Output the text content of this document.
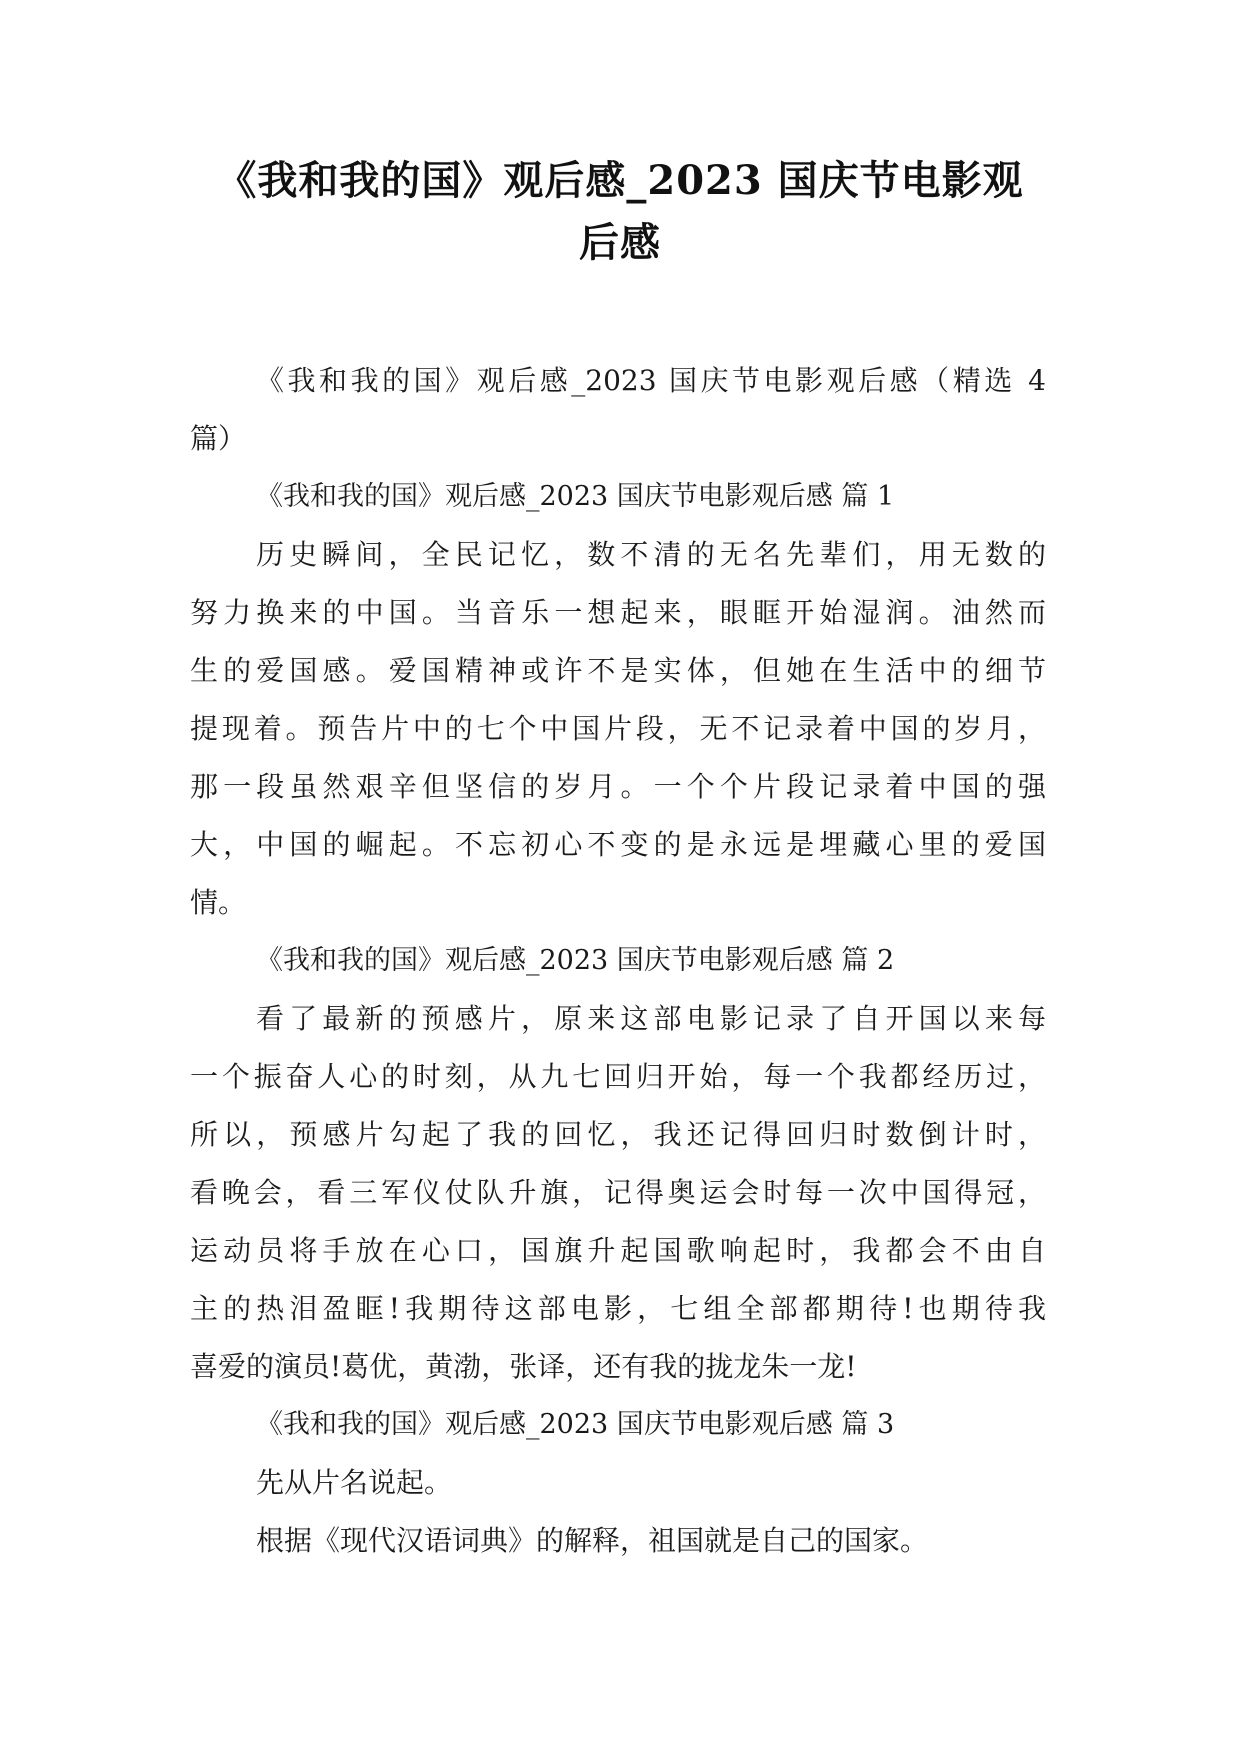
《我和我的国》观后感_2023 国庆节电影观
后感
《我和我的国》观后感_2023 国庆节电影观后感（精选 4
篇）
《我和我的国》观后感_2023 国庆节电影观后感 篇 1
历史瞬间，全民记忆，数不清的无名先辈们，用无数的
努力换来的中国。当音乐一想起来，眼眶开始湿润。油然而
生的爱国感。爱国精神或许不是实体，但她在生活中的细节
提现着。预告片中的七个中国片段，无不记录着中国的岁月，
那一段虽然艰辛但坚信的岁月。一个个片段记录着中国的强
大，中国的崛起。不忘初心不变的是永远是埋藏心里的爱国
情。
《我和我的国》观后感_2023 国庆节电影观后感 篇 2
看了最新的预感片，原来这部电影记录了自开国以来每
一个振奋人心的时刻，从九七回归开始，每一个我都经历过，
所以，预感片勾起了我的回忆，我还记得回归时数倒计时，
看晚会，看三军仪仗队升旗，记得奥运会时每一次中国得冠，
运动员将手放在心口，国旗升起国歌响起时，我都会不由自
主的热泪盈眶!我期待这部电影，七组全部都期待!也期待我
喜爱的演员!葛优，黄渤，张译，还有我的拢龙朱一龙!
《我和我的国》观后感_2023 国庆节电影观后感 篇 3
先从片名说起。
根据《现代汉语词典》的解释，祖国就是自己的国家。
